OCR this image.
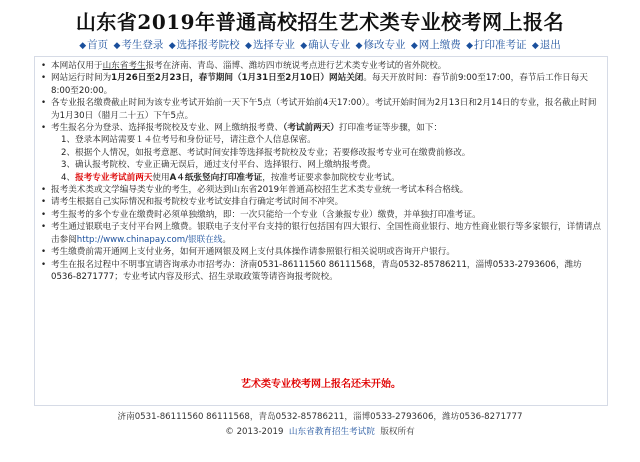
山东省2019年普通高校招生艺术类专业校考网上报名
◆首页 ◆考生登录 ◆选择报考院校 ◆选择专业 ◆确认专业 ◆修改专业 ◆网上缴费 ◆打印准考证 ◆退出
• 本网站仅用于山东省考生报考在济南、青岛、淄博、潍坊四市统说考点进行艺术类专业考试的省外院校。
• 网站运行时间为1月26日至2月23日，春节期间（1月31日至2月10日）网站关闭。每天开放时间：春节前9:00至17:00，春节后工作日每天8:00至20:00。
• 各专业报名缴费截止时间为该专业考试开始前一天下午5点（考试开始前4天17:00）。考试开始时间为2月13日和2月14日的专业，报名截止时间为1月30日（腊月二十五）下午5点。
• 考生报名分为登录、选择报考院校及专业、网上缴纳报考费、（考试前两天）打印准考证等步骤，如下：
1、登录本网站需要１４位考号和身份证号，请注意个人信息保密。
2、根据个人情况，如报考意愿、考试时间安排等选择报考院校及专业；若要修改报考专业可在缴费前修改。
3、确认报考院校、专业正确无误后，通过支付平台、选择银行、网上缴纳报考费。
4、报考专业考试前两天使用A４纸张竖向打印准考证，按准考证要求参加院校专业考试。
• 报考美术类或文学编导类专业的考生，必须达到山东省2019年普通高校招生艺术类专业统一考试本科合格线。
• 请考生根据自己实际情况和报考院校专业考试安排自行确定考试时间不冲突。
• 考生报考的多个专业在缴费时必须单独缴纳，即：一次只能给一个专业（含兼报专业）缴费，并单独打印准考证。
• 考生通过银联电子支付平台网上缴费。银联电子支付平台支持的银行包括国有四大银行、全国性商业银行、地方性商业银行等多家银行，详情请点击参阅http://www.chinapay.com/银联在线。
• 考生缴费前需开通网上支付业务，如何开通网银及网上支付具体操作请参照银行相关说明或咨询开户银行。
• 考生在报名过程中不明事宜请咨询承办市招考办：济南0531-86111560 86111568，青岛0532-85786211，淄博0533-2793606，潍坊0536-8271777；专业考试内容及形式、招生录取政策等请咨询报考院校。
艺术类专业校考网上报名还未开始。
济南0531-86111560 86111568，青岛0532-85786211，淄博0533-2793606，潍坊0536-8271777
© 2013-2019 山东省教育招生考试院 版权所有
